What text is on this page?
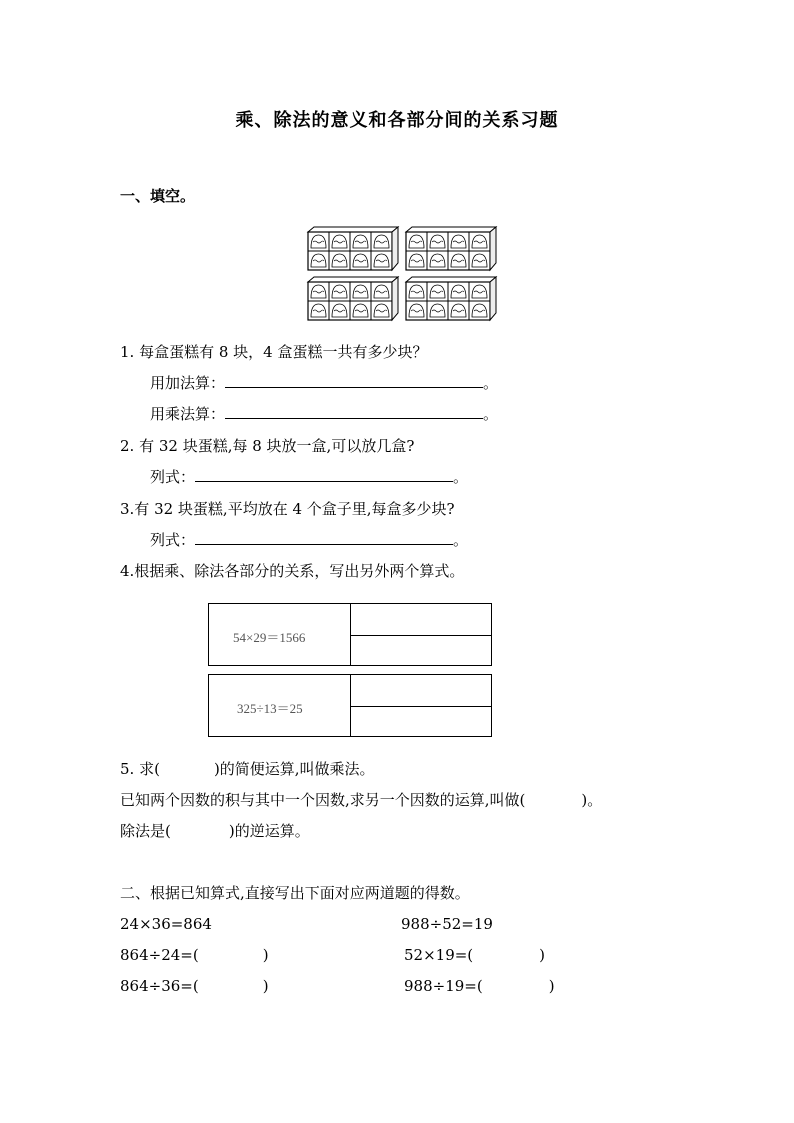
乘、除法的意义和各部分间的关系习题
一、填空。
1. 每盒蛋糕有 8 块，4 盒蛋糕一共有多少块？
用加法算：	。
用乘法算：	。
2. 有 32 块蛋糕,每 8 块放一盒,可以放几盒?
列式：	。
3.有 32 块蛋糕,平均放在 4 个盒子里,每盒多少块?
列式：	。
4.根据乘、除法各部分的关系，写出另外两个算式。
54×29＝1566
325÷13＝25
5. 求(	)的简便运算,叫做乘法。
已知两个因数的积与其中一个因数,求另一个因数的运算,叫做(	)。
除法是(	)的逆运算。
二、根据已知算式,直接写出下面对应两道题的得数。
24×36=864	988÷52=19
864÷24=(	)	52×19=(	)
864÷36=(	)	988÷19=(	)
